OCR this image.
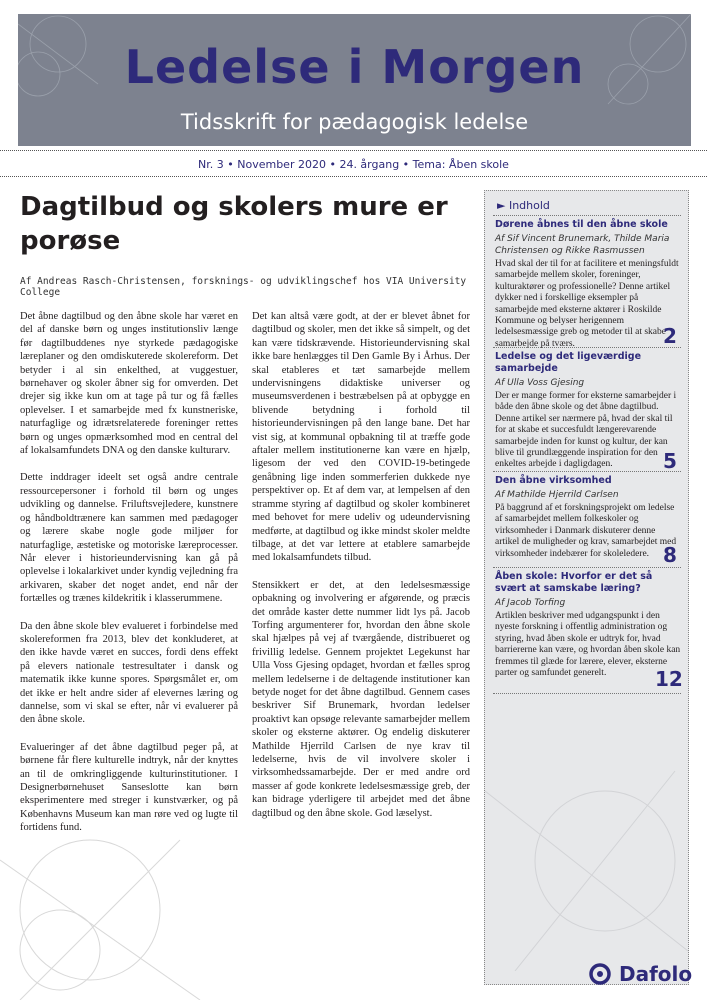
Ledelse i Morgen
Tidsskrift for pædagogisk ledelse
Nr. 3 • November 2020 • 24. årgang • Tema: Åben skole
Dagtilbud og skolers mure er porøse
Af Andreas Rasch-Christensen, forsknings- og udviklingschef hos VIA University College

Det åbne dagtilbud og den åbne skole har været en del af danske børn og unges institutionsliv længe før dagtilbuddenes nye styrkede pædagogiske læreplaner og den omdiskuterede skolereform. Det betyder i al sin enkelthed, at vuggestuer, børnehaver og skoler åbner sig for omverden. Det drejer sig ikke kun om at tage på tur og få fælles oplevelser. I et samarbejde med fx kunstneriske, naturfaglige og idrætsrelaterede foreninger rettes børn og unges opmærksomhed mod en central del af lokalsamfundets DNA og den danske kulturarv.

Dette inddrager ideelt set også andre centrale ressourcepersoner i forhold til børn og unges udvikling og dannelse. Friluftsvejledere, kunstnere og håndboldtrænere kan sammen med pædagoger og lærere skabe nogle gode miljøer for naturfaglige, æstetiske og motoriske læreprocesser. Når elever i historieundervisning kan gå på oplevelse i lokalarkivet under kyndig vejledning fra arkivaren, skaber det noget andet, end når der fortælles og trænes kildekritik i klasserummene.

Da den åbne skole blev evalueret i forbindelse med skolereformen fra 2013, blev det konkluderet, at den ikke havde været en succes, fordi dens effekt på elevers nationale testresultater i dansk og matematik ikke kunne spores. Spørgsmålet er, om det ikke er helt andre sider af elevernes læring og dannelse, som vi skal se efter, når vi evaluerer på den åbne skole.

Evalueringer af det åbne dagtilbud peger på, at børnene får flere kulturelle indtryk, når der knyttes an til de omkringliggende kulturinstitutioner. I Designerbørnehuset Sanseslotte kan børn eksperimentere med streger i kunstværker, og på Københavns Museum kan man røre ved og lugte til fortidens fund.

Det kan altså være godt, at der er blevet åbnet for dagtilbud og skoler, men det ikke så simpelt, og det kan være tidskrævende. Historieundervisning skal ikke bare henlægges til Den Gamle By i Århus. Der skal etableres et tæt samarbejde mellem undervisningens didaktiske universer og museumsverdenen i bestræbelsen på at opbygge en blivende betydning i forhold til historieundervisningen på den lange bane. Det har vist sig, at kommunal opbakning til at træffe gode aftaler mellem institutionerne kan være en hjælp, ligesom der ved den COVID-19-betingede genåbning lige inden sommerferien dukkede nye perspektiver op. Et af dem var, at lempelsen af den stramme styring af dagtilbud og skoler kombineret med behovet for mere udeliv og udeundervisning medførte, at dagtilbud og ikke mindst skoler meldte tilbage, at det var lettere at etablere samarbejde med lokalsamfundets tilbud.

Stensikkert er det, at den ledelsesmæssige opbakning og involvering er afgørende, og præcis det område kaster dette nummer lidt lys på. Jacob Torfing argumenterer for, hvordan den åbne skole skal hjælpes på vej af tværgående, distribueret og frivillig ledelse. Gennem projektet Legekunst har Ulla Voss Gjesing opdaget, hvordan et fælles sprog mellem ledelserne i de deltagende institutioner kan betyde noget for det åbne dagtilbud. Gennem cases beskriver Sif Brunemark, hvordan ledelser proaktivt kan opsøge relevante samarbejder mellem skoler og eksterne aktører. Og endelig diskuterer Mathilde Hjerrild Carlsen de nye krav til ledelserne, hvis de vil involvere skoler i virksomhedssamarbejde. Der er med andre ord masser af gode konkrete ledelsesmæssige greb, der kan bidrage yderligere til arbejdet med det åbne dagtilbud og den åbne skole. God læselyst.

► Indhold

Dørene åbnes til den åbne skole

Af Sif Vincent Brunemark, Thilde Maria Christensen og Rikke Rasmussen

Hvad skal der til for at facilitere et meningsfuldt samarbejde mellem skoler, foreninger, kulturaktører og professionelle? Denne artikel dykker ned i forskellige eksempler på samarbejde med eksterne aktører i Roskilde Kommune og belyser herigennem ledelsesmæssige greb og metoder til at skabe samarbejde på tværs.	2

Ledelse og det ligeværdige samarbejde

Af Ulla Voss Gjesing

Der er mange former for eksterne samarbejder i både den åbne skole og det åbne dagtilbud. Denne artikel ser nærmere på, hvad der skal til for at skabe et succesfuldt længerevarende samarbejde inden for kunst og kultur, der kan blive til grundlæggende inspiration for den enkeltes arbejde i dagligdagen.	5

Den åbne virksomhed

Af Mathilde Hjerrild Carlsen

På baggrund af et forskningsprojekt om ledelse af samarbejdet mellem folkeskoler og virksomheder i Danmark diskuterer denne artikel de muligheder og krav, samarbejdet med virksomheder indebærer for skoleledere. 8

Åben skole: Hvorfor er det så svært at samskabe læring?

Af Jacob Torfing

Artiklen beskriver med udgangspunkt i den nyeste forskning i offentlig administration og styring, hvad åben skole er udtryk for, hvad barriererne kan være, og hvordan åben skole kan fremmes til glæde for lærere, elever, eksterne parter og samfundet generelt.	12
Dafolo
